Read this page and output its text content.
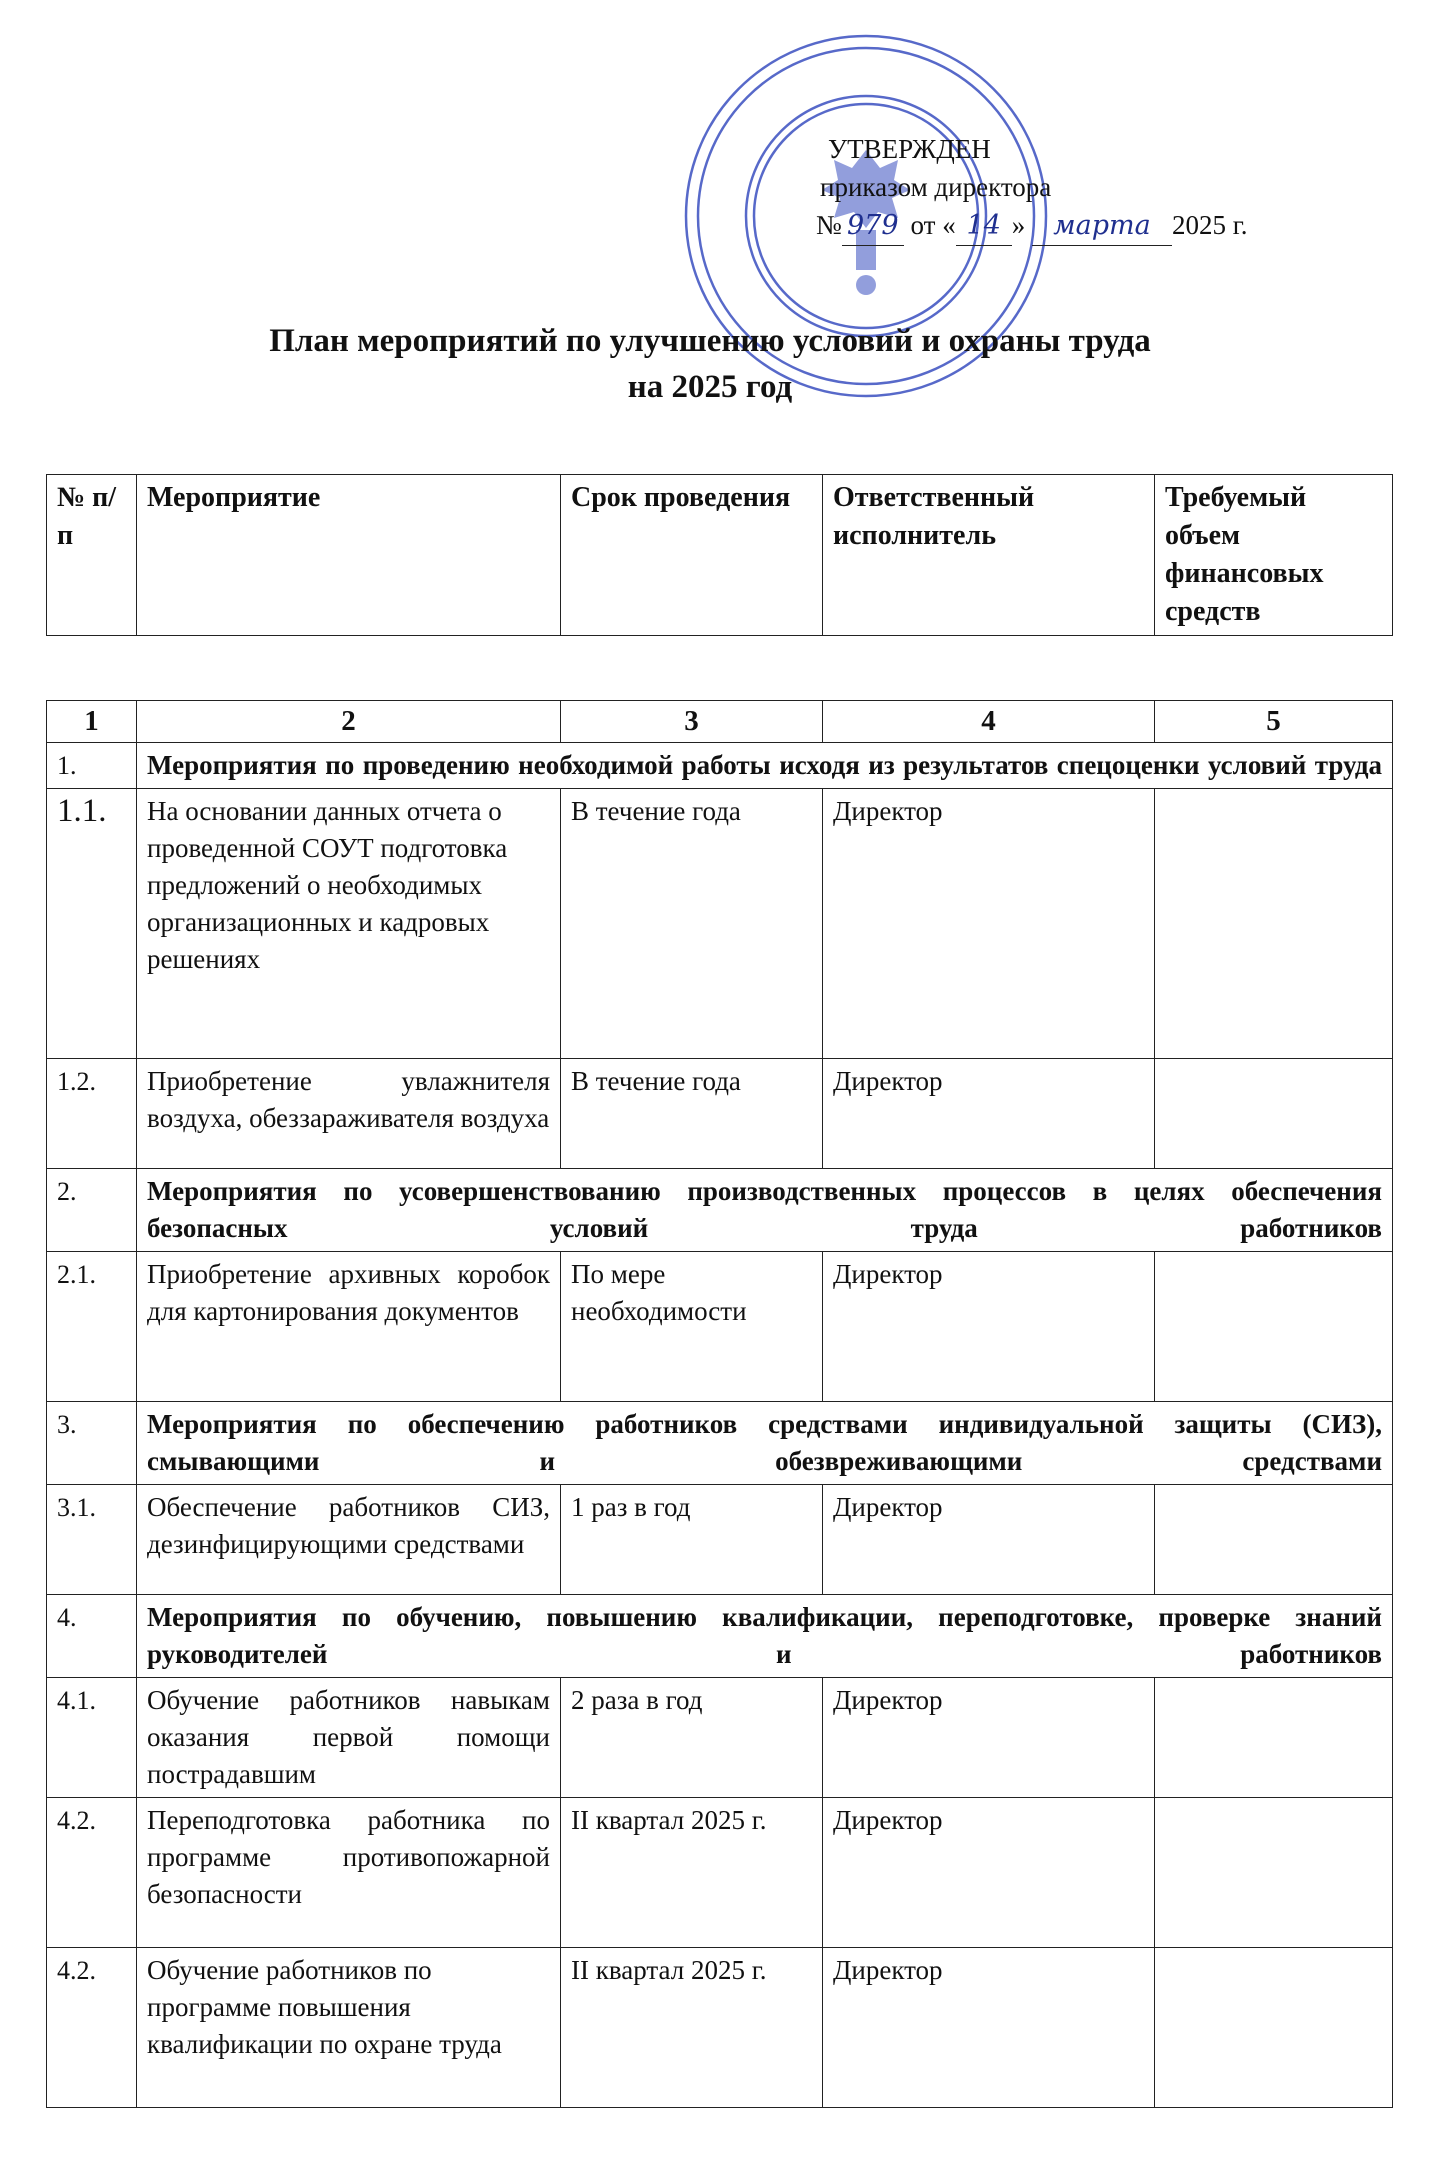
УТВЕРЖДЕН
приказом директора
№ 979 от « 14 » марта 2025 г.
План мероприятий по улучшению условий и охраны труда
на 2025 год
№ п/п	Мероприятие	Срок проведения	Ответственный исполнитель	Требуемый объем финансовых средств
1	2	3	4	5
1.	Мероприятия по проведению необходимой работы исходя из результатов спецоценки условий труда			
1.1.	На основании данных отчета о проведенной СОУТ подготовка предложений о необходимых организационных и кадровых решениях	В течение года	Директор	
1.2.	Приобретение увлажнителя воздуха, обеззараживателя воздуха	В течение года	Директор	
2.	Мероприятия по усовершенствованию производственных процессов в целях обеспечения безопасных условий труда работников			
2.1.	Приобретение архивных коробок для картонирования документов	По мере необходимости	Директор	
3.	Мероприятия по обеспечению работников средствами индивидуальной защиты (СИЗ), смывающими и обезвреживающими средствами			
3.1.	Обеспечение работников СИЗ, дезинфицирующими средствами	1 раз в год	Директор	
4.	Мероприятия по обучению, повышению квалификации, переподготовке, проверке знаний руководителей и работников			
4.1.	Обучение работников навыкам оказания первой помощи пострадавшим	2 раза в год	Директор	
4.2.	Переподготовка работника по программе противопожарной безопасности	II квартал 2025 г.	Директор	
4.2.	Обучение работников по программе повышения квалификации по охране труда	II квартал 2025 г.	Директор	
